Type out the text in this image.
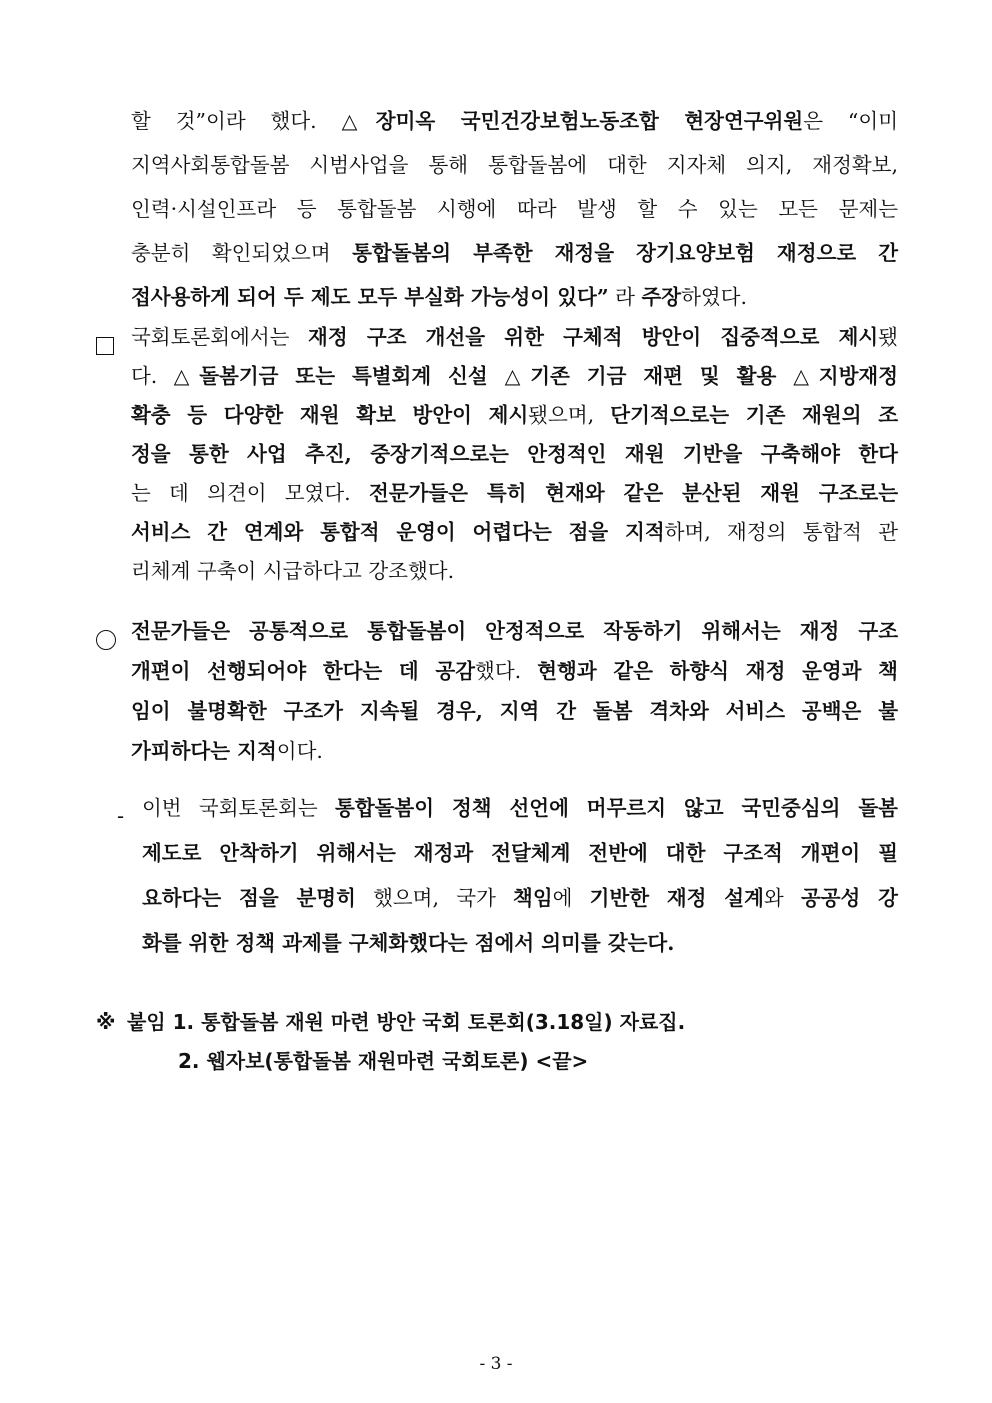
할 것”이라 했다. △장미옥 국민건강보험노동조합 현장연구위원은 “이미
지역사회통합돌봄 시범사업을 통해 통합돌봄에 대한 지자체 의지, 재정확보,
인력·시설인프라 등 통합돌봄 시행에 따라 발생 할 수 있는 모든 문제는
충분히 확인되었으며 통합돌봄의 부족한 재정을 장기요양보험 재정으로 간
접사용하게 되어 두 제도 모두 부실화 가능성이 있다” 라 주장하였다.
국회토론회에서는 재정 구조 개선을 위한 구체적 방안이 집중적으로 제시됐
다. △돌봄기금 또는 특별회계 신설 △기존 기금 재편 및 활용 △지방재정
확충 등 다양한 재원 확보 방안이 제시됐으며, 단기적으로는 기존 재원의 조
정을 통한 사업 추진, 중장기적으로는 안정적인 재원 기반을 구축해야 한다
는 데 의견이 모였다. 전문가들은 특히 현재와 같은 분산된 재원 구조로는
서비스 간 연계와 통합적 운영이 어렵다는 점을 지적하며, 재정의 통합적 관
리체계 구축이 시급하다고 강조했다.
전문가들은 공통적으로 통합돌봄이 안정적으로 작동하기 위해서는 재정 구조
개편이 선행되어야 한다는 데 공감했다. 현행과 같은 하향식 재정 운영과 책
임이 불명확한 구조가 지속될 경우, 지역 간 돌봄 격차와 서비스 공백은 불
가피하다는 지적이다.
- 이번 국회토론회는 통합돌봄이 정책 선언에 머무르지 않고 국민중심의 돌봄
제도로 안착하기 위해서는 재정과 전달체계 전반에 대한 구조적 개편이 필
요하다는 점을 분명히 했으며, 국가 책임에 기반한 재정 설계와 공공성 강
화를 위한 정책 과제를 구체화했다는 점에서 의미를 갖는다.
※ 붙임 1. 통합돌봄 재원 마련 방안 국회 토론회(3.18일) 자료집.
2. 웹자보(통합돌봄 재원마련 국회토론) <끝>
- 3 -
